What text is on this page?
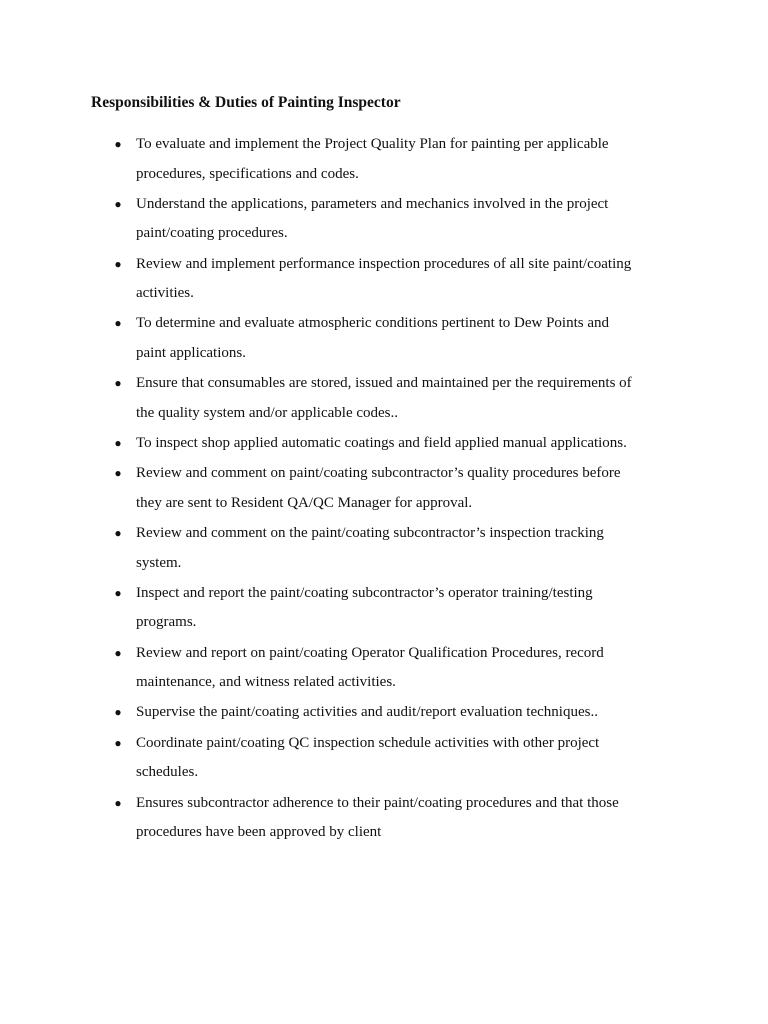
Responsibilities & Duties of Painting Inspector
● To evaluate and implement the Project Quality Plan for painting per applicable
procedures, specifications and codes.
● Understand the applications, parameters and mechanics involved in the project
paint/coating procedures.
● Review and implement performance inspection procedures of all site paint/coating
activities.
● To determine and evaluate atmospheric conditions pertinent to Dew Points and
paint applications.
● Ensure that consumables are stored, issued and maintained per the requirements of
the quality system and/or applicable codes..
● To inspect shop applied automatic coatings and field applied manual applications.
● Review and comment on paint/coating subcontractor’s quality procedures before
they are sent to Resident QA/QC Manager for approval.
● Review and comment on the paint/coating subcontractor’s inspection tracking
system.
● Inspect and report the paint/coating subcontractor’s operator training/testing
programs.
● Review and report on paint/coating Operator Qualification Procedures, record
maintenance, and witness related activities.
● Supervise the paint/coating activities and audit/report evaluation techniques..
● Coordinate paint/coating QC inspection schedule activities with other project
schedules.
● Ensures subcontractor adherence to their paint/coating procedures and that those
procedures have been approved by client
